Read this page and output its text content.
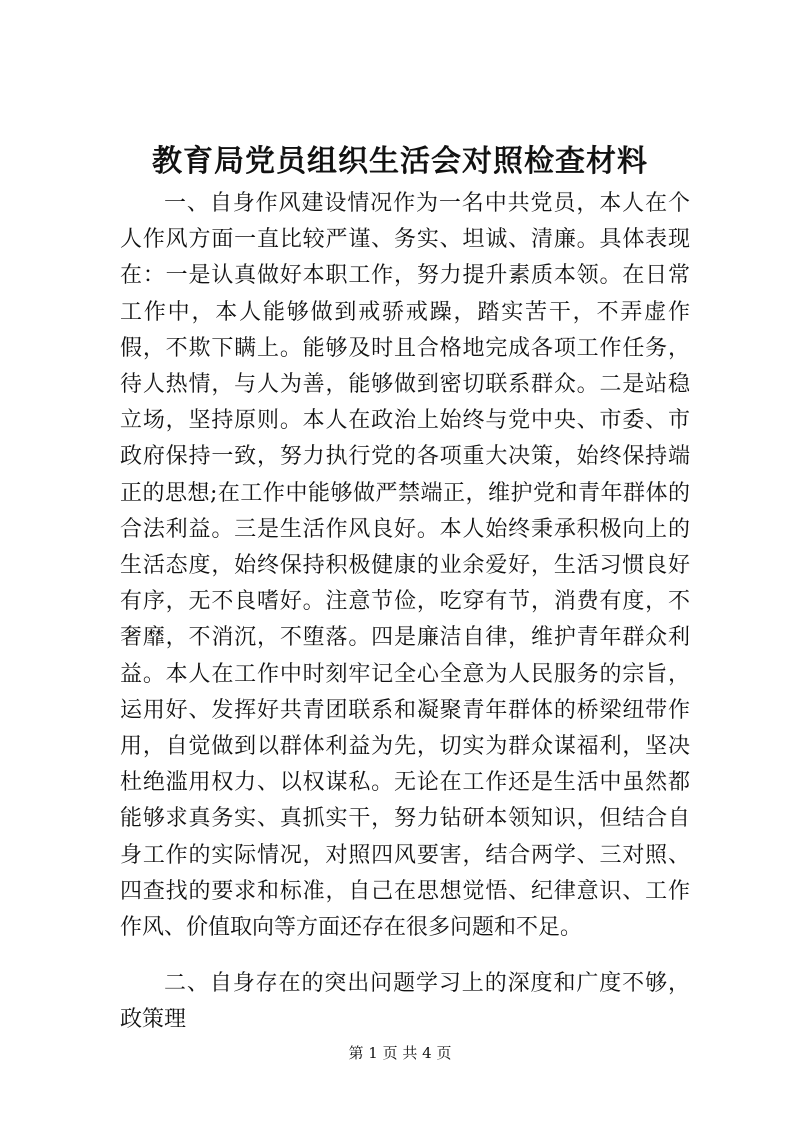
教育局党员组织生活会对照检查材料

一、自身作风建设情况作为一名中共党员，本人在个人作风方面一直比较严谨、务实、坦诚、清廉。具体表现在：一是认真做好本职工作，努力提升素质本领。在日常工作中，本人能够做到戒骄戒躁，踏实苦干，不弄虚作假，不欺下瞒上。能够及时且合格地完成各项工作任务，待人热情，与人为善，能够做到密切联系群众。二是站稳立场，坚持原则。本人在政治上始终与党中央、市委、市政府保持一致，努力执行党的各项重大决策，始终保持端正的思想;在工作中能够做严禁端正，维护党和青年群体的合法利益。三是生活作风良好。本人始终秉承积极向上的生活态度，始终保持积极健康的业余爱好，生活习惯良好有序，无不良嗜好。注意节俭，吃穿有节，消费有度，不奢靡，不消沉，不堕落。四是廉洁自律，维护青年群众利益。本人在工作中时刻牢记全心全意为人民服务的宗旨，运用好、发挥好共青团联系和凝聚青年群体的桥梁纽带作用，自觉做到以群体利益为先，切实为群众谋福利，坚决杜绝滥用权力、以权谋私。无论在工作还是生活中虽然都能够求真务实、真抓实干，努力钻研本领知识，但结合自身工作的实际情况，对照四风要害，结合两学、三对照、四查找的要求和标准，自己在思想觉悟、纪律意识、工作作风、价值取向等方面还存在很多问题和不足。

二、自身存在的突出问题学习上的深度和广度不够，政策理

第 1 页 共 4 页
